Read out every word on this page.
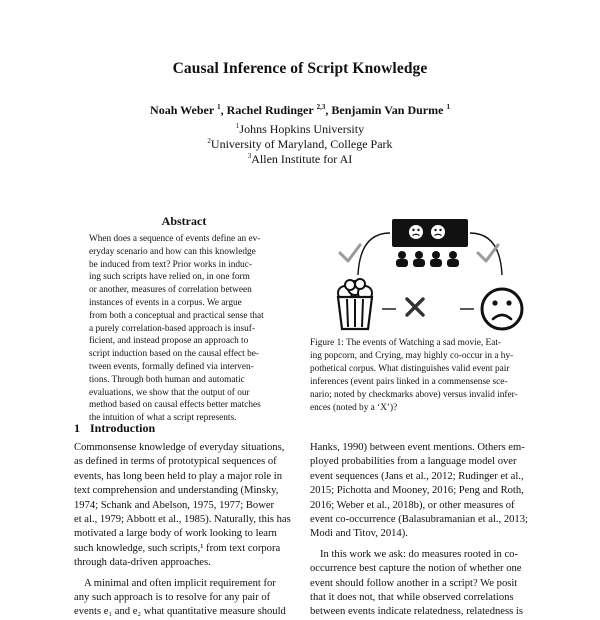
Causal Inference of Script Knowledge
Noah Weber $^1$, Rachel Rudinger $^{2,3}$, Benjamin Van Durme $^1$
$^1$Johns Hopkins University
$^2$University of Maryland, College Park
$^3$Allen Institute for AI
Abstract
When does a sequence of events define an ev-
eryday scenario and how can this knowledge
be induced from text? Prior works in induc-
ing such scripts have relied on, in one form
or another, measures of correlation between
instances of events in a corpus. We argue
from both a conceptual and practical sense that
a purely correlation-based approach is insuf-
ficient, and instead propose an approach to
script induction based on the causal effect be-
tween events, formally defined via interven-
tions. Through both human and automatic
evaluations, we show that the output of our
method based on causal effects better matches
the intuition of what a script represents.
Figure 1: The events of Watching a sad movie, Eat-
ing popcorn, and Crying, may highly co-occur in a hy-
pothetical corpus. What distinguishes valid event pair
inferences (event pairs linked in a commensense sce-
nario; noted by checkmarks above) versus invalid infer-
ences (noted by a ‘X’)?
1 Introduction
Commonsense knowledge of everyday situations,
as defined in terms of prototypical sequences of
events, has long been held to play a major role in
text comprehension and understanding (Minsky,
1974; Schank and Abelson, 1975, 1977; Bower
et al., 1979; Abbott et al., 1985). Naturally, this has
motivated a large body of work looking to learn
such knowledge, such scripts,¹ from text corpora
through data-driven approaches.
A minimal and often implicit requirement for
any such approach is to resolve for any pair of
events e₁ and e₂ what quantitative measure should
Hanks, 1990) between event mentions. Others em-
ployed probabilities from a language model over
event sequences (Jans et al., 2012; Rudinger et al.,
2015; Pichotta and Mooney, 2016; Peng and Roth,
2016; Weber et al., 2018b), or other measures of
event co-occurrence (Balasubramanian et al., 2013;
Modi and Titov, 2014).
In this work we ask: do measures rooted in co-
occurrence best capture the notion of whether one
event should follow another in a script? We posit
that it does not, that while observed correlations
between events indicate relatedness, relatedness is
